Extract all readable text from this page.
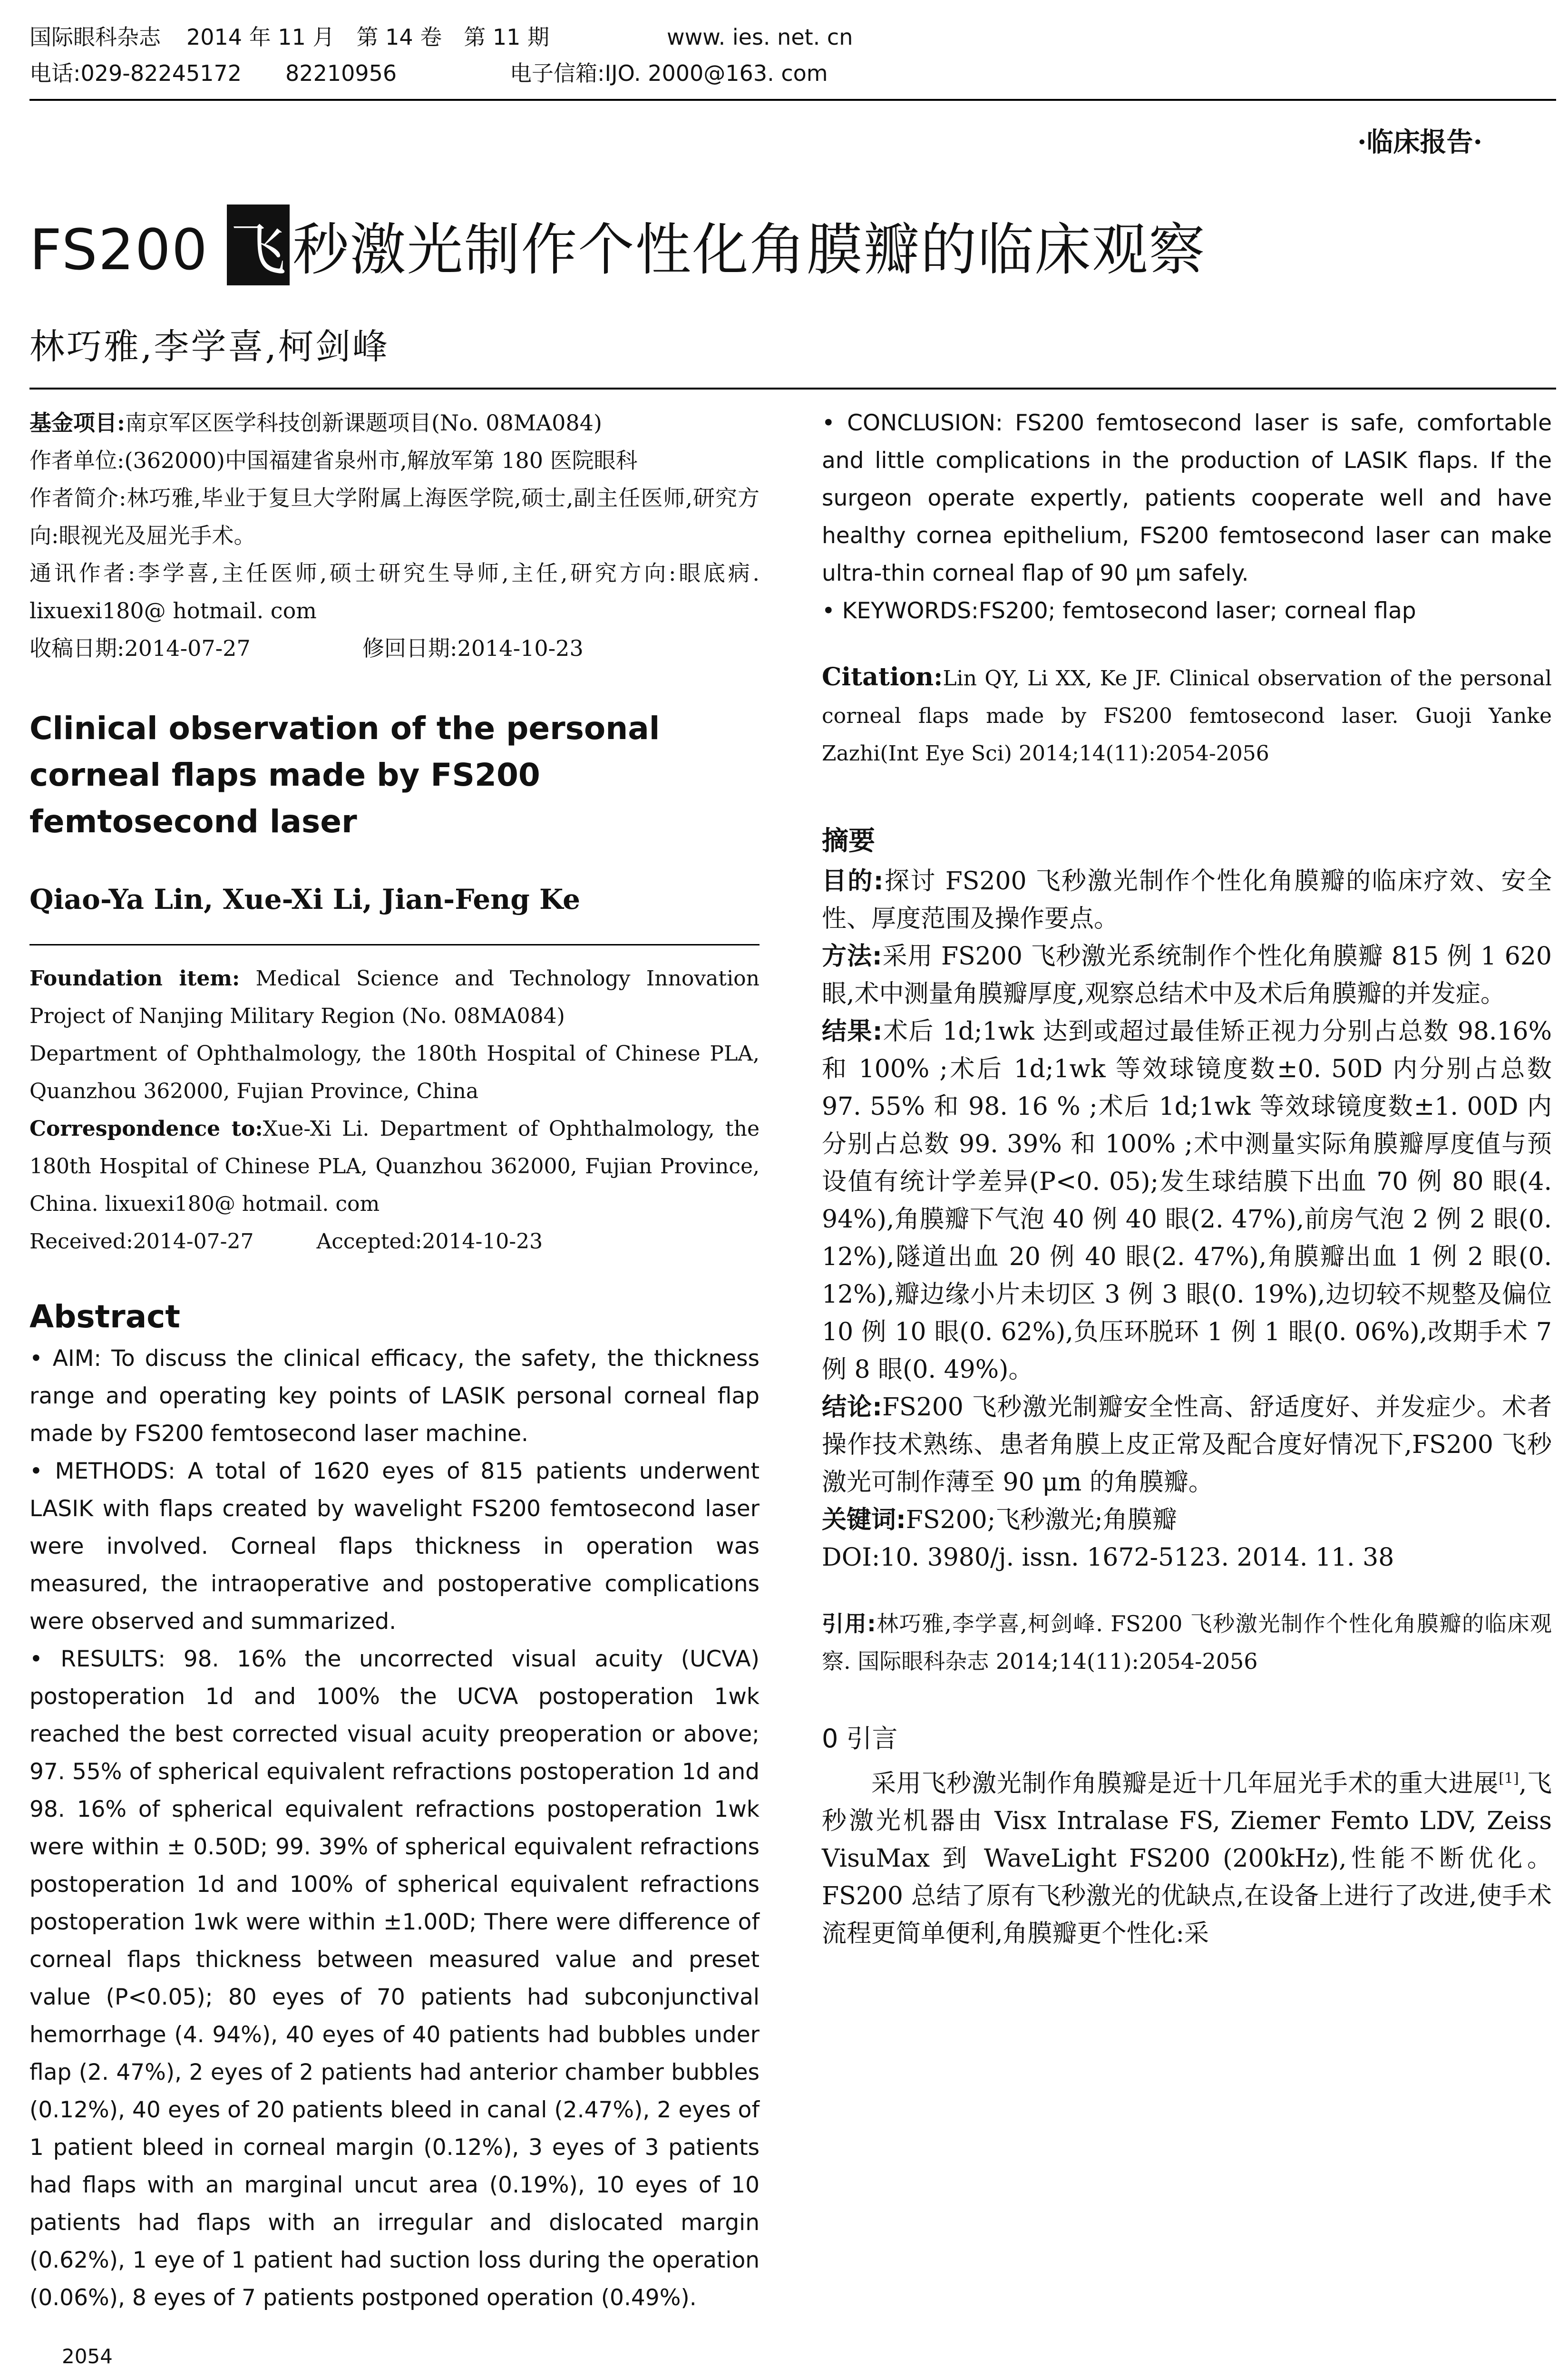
国际眼科杂志 2014 年 11 月　第 14 卷　第 11 期	www. ies. net. cn
电话:029-82245172　　82210956	电子信箱:IJO. 2000@163. com
·临床报告·
FS200 飞 秒激光制作个性化角膜瓣的临床观察
林巧雅,李学喜,柯剑峰

基金项目:南京军区医学科技创新课题项目(No. 08MA084)

作者单位:(362000)中国福建省泉州市,解放军第 180 医院眼科

作者简介:林巧雅,毕业于复旦大学附属上海医学院,硕士,副主任医师,研究方向:眼视光及屈光手术。

通讯作者:李学喜,主任医师,硕士研究生导师,主任,研究方向:眼底病. lixuexi180@ hotmail. com

收稿日期:2014-07-27	修回日期:2014-10-23

Clinical observation of the personal corneal flaps made by FS200 femtosecond laser
Qiao-Ya Lin, Xue-Xi Li, Jian-Feng Ke

Foundation item: Medical Science and Technology Innovation Project of Nanjing Military Region (No. 08MA084)

Department of Ophthalmology, the 180th Hospital of Chinese PLA, Quanzhou 362000, Fujian Province, China

Correspondence to:Xue-Xi Li. Department of Ophthalmology, the 180th Hospital of Chinese PLA, Quanzhou 362000, Fujian Province, China. lixuexi180@ hotmail. com

Received:2014-07-27　　　Accepted:2014-10-23

Abstract

• AIM: To discuss the clinical efficacy, the safety, the thickness range and operating key points of LASIK personal corneal flap made by FS200 femtosecond laser machine.

• METHODS: A total of 1620 eyes of 815 patients underwent LASIK with flaps created by wavelight FS200 femtosecond laser were involved. Corneal flaps thickness in operation was measured, the intraoperative and postoperative complications were observed and summarized.

• RESULTS: 98. 16% the uncorrected visual acuity (UCVA) postoperation 1d and 100% the UCVA postoperation 1wk reached the best corrected visual acuity preoperation or above; 97. 55% of spherical equivalent refractions postoperation 1d and 98. 16% of spherical equivalent refractions postoperation 1wk were within ± 0.50D; 99. 39% of spherical equivalent refractions postoperation 1d and 100% of spherical equivalent refractions postoperation 1wk were within ±1.00D; There were difference of corneal flaps thickness between measured value and preset value (P<0.05); 80 eyes of 70 patients had subconjunctival hemorrhage (4. 94%), 40 eyes of 40 patients had bubbles under flap (2. 47%), 2 eyes of 2 patients had anterior chamber bubbles (0.12%), 40 eyes of 20 patients bleed in canal (2.47%), 2 eyes of 1 patient bleed in corneal margin (0.12%), 3 eyes of 3 patients had flaps with an marginal uncut area (0.19%), 10 eyes of 10 patients had flaps with an irregular and dislocated margin (0.62%), 1 eye of 1 patient had suction loss during the operation (0.06%), 8 eyes of 7 patients postponed operation (0.49%).

• CONCLUSION: FS200 femtosecond laser is safe, comfortable and little complications in the production of LASIK flaps. If the surgeon operate expertly, patients cooperate well and have healthy cornea epithelium, FS200 femtosecond laser can make ultra-thin corneal flap of 90 μm safely.

• KEYWORDS:FS200; femtosecond laser; corneal flap

Citation:Lin QY, Li XX, Ke JF. Clinical observation of the personal corneal flaps made by FS200 femtosecond laser. Guoji Yanke Zazhi(Int Eye Sci) 2014;14(11):2054-2056
摘要

目的:探讨 FS200 飞秒激光制作个性化角膜瓣的临床疗效、安全性、厚度范围及操作要点。

方法:采用 FS200 飞秒激光系统制作个性化角膜瓣 815 例 1 620 眼,术中测量角膜瓣厚度,观察总结术中及术后角膜瓣的并发症。

结果:术后 1d;1wk 达到或超过最佳矫正视力分别占总数 98.16% 和 100% ;术后 1d;1wk 等效球镜度数±0. 50D 内分别占总数 97. 55% 和 98. 16 % ;术后 1d;1wk 等效球镜度数±1. 00D 内分别占总数 99. 39% 和 100% ;术中测量实际角膜瓣厚度值与预设值有统计学差异(P<0. 05);发生球结膜下出血 70 例 80 眼(4. 94%),角膜瓣下气泡 40 例 40 眼(2. 47%),前房气泡 2 例 2 眼(0. 12%),隧道出血 20 例 40 眼(2. 47%),角膜瓣出血 1 例 2 眼(0. 12%),瓣边缘小片未切区 3 例 3 眼(0. 19%),边切较不规整及偏位 10 例 10 眼(0. 62%),负压环脱环 1 例 1 眼(0. 06%),改期手术 7 例 8 眼(0. 49%)。

结论:FS200 飞秒激光制瓣安全性高、舒适度好、并发症少。术者操作技术熟练、患者角膜上皮正常及配合度好情况下,FS200 飞秒激光可制作薄至 90 μm 的角膜瓣。

关键词:FS200;飞秒激光;角膜瓣

DOI:10. 3980/j. issn. 1672-5123. 2014. 11. 38

引用:林巧雅,李学喜,柯剑峰. FS200 飞秒激光制作个性化角膜瓣的临床观察. 国际眼科杂志 2014;14(11):2054-2056
0 引言

采用飞秒激光制作角膜瓣是近十几年屈光手术的重大进展[1],飞秒激光机器由 Visx Intralase FS, Ziemer Femto LDV, Zeiss VisuMax 到 WaveLight FS200 (200kHz),性能不断优化。FS200 总结了原有飞秒激光的优缺点,在设备上进行了改进,使手术流程更简单便利,角膜瓣更个性化:采

2054
